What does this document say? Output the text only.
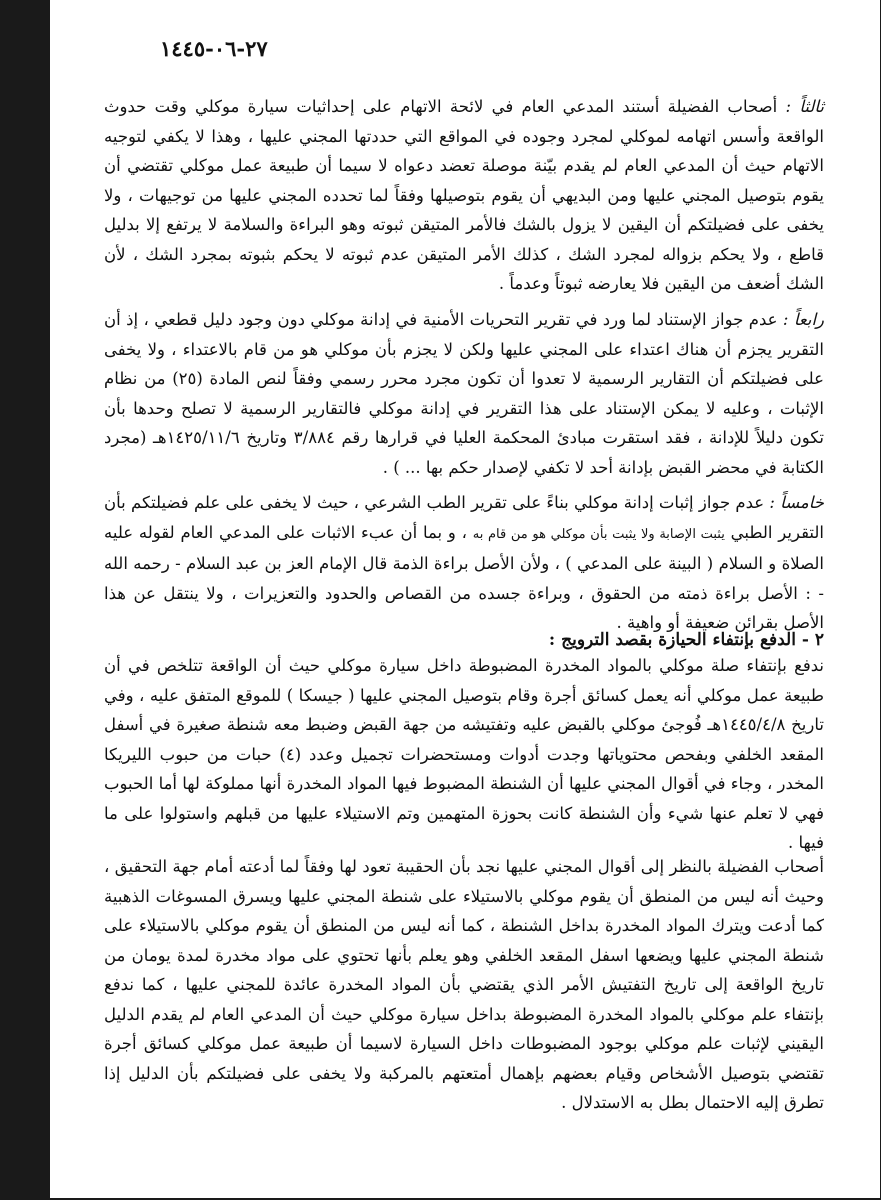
٢٧-٠٦-١٤٤٥

ثالثاً : أصحاب الفضيلة أستند المدعي العام في لائحة الاتهام على إحداثيات سيارة موكلي وقت حدوث الواقعة وأسس اتهامه لموكلي لمجرد وجوده في المواقع التي حددتها المجني عليها ، وهذا لا يكفي لتوجيه الاتهام حيث أن المدعي العام لم يقدم بيّنة موصلة تعضد دعواه لا سيما أن طبيعة عمل موكلي تقتضي أن يقوم بتوصيل المجني عليها ومن البديهي أن يقوم بتوصيلها وفقاً لما تحدده المجني عليها من توجيهات ، ولا يخفى على فضيلتكم أن اليقين لا يزول بالشك فالأمر المتيقن ثبوته وهو البراءة والسلامة لا يرتفع إلا بدليل قاطع ، ولا يحكم بزواله لمجرد الشك ، كذلك الأمر المتيقن عدم ثبوته لا يحكم بثبوته بمجرد الشك ، لأن الشك أضعف من اليقين فلا يعارضه ثبوتاً وعدماً .

رابعاً : عدم جواز الإستناد لما ورد في تقرير التحريات الأمنية في إدانة موكلي دون وجود دليل قطعي ، إذ أن التقرير يجزم أن هناك اعتداء على المجني عليها ولكن لا يجزم بأن موكلي هو من قام بالاعتداء ، ولا يخفى على فضيلتكم أن التقارير الرسمية لا تعدوا أن تكون مجرد محرر رسمي وفقاً لنص المادة (٢٥) من نظام الإثبات ، وعليه لا يمكن الإستناد على هذا التقرير في إدانة موكلي فالتقارير الرسمية لا تصلح وحدها بأن تكون دليلاً للإدانة ، فقد استقرت مبادئ المحكمة العليا في قرارها رقم ٣/٨٨٤ وتاريخ ١٤٢٥/١١/٦هـ (مجرد الكتابة في محضر القبض بإدانة أحد لا تكفي لإصدار حكم بها ... ) .

خامساً : عدم جواز إثبات إدانة موكلي بناءً على تقرير الطب الشرعي ، حيث لا يخفى على علم فضيلتكم بأن التقرير الطبي يثبت الإصابة ولا يثبت بأن موكلي هو من قام به ، و بما أن عبء الاثبات على المدعي العام لقوله عليه الصلاة و السلام ( البينة على المدعي ) ، ولأن الأصل براءة الذمة قال الإمام العز بن عبد السلام - رحمه الله - : الأصل براءة ذمته من الحقوق ، وبراءة جسده من القصاص والحدود والتعزيرات ، ولا ينتقل عن هذا الأصل بقرائن ضعيفة أو واهية .

٢ - الدفع بإنتفاء الحيازة بقصد الترويج :

ندفع بإنتفاء صلة موكلي بالمواد المخدرة المضبوطة داخل سيارة موكلي حيث أن الواقعة تتلخص في أن طبيعة عمل موكلي أنه يعمل كسائق أجرة وقام بتوصيل المجني عليها ( جيسكا ) للموقع المتفق عليه ، وفي تاريخ ١٤٤٥/٤/٨هـ فُوجئ موكلي بالقبض عليه وتفتيشه من جهة القبض وضبط معه شنطة صغيرة في أسفل المقعد الخلفي وبفحص محتوياتها وجدت أدوات ومستحضرات تجميل وعدد (٤) حبات من حبوب الليريكا المخدر ، وجاء في أقوال المجني عليها أن الشنطة المضبوط فيها المواد المخدرة أنها مملوكة لها أما الحبوب فهي لا تعلم عنها شيء وأن الشنطة كانت بحوزة المتهمين وتم الاستيلاء عليها من قبلهم واستولوا على ما فيها .

أصحاب الفضيلة بالنظر إلى أقوال المجني عليها نجد بأن الحقيبة تعود لها وفقاً لما أدعته أمام جهة التحقيق ، وحيث أنه ليس من المنطق أن يقوم موكلي بالاستيلاء على شنطة المجني عليها ويسرق المسوغات الذهبية كما أدعت ويترك المواد المخدرة بداخل الشنطة ، كما أنه ليس من المنطق أن يقوم موكلي بالاستيلاء على شنطة المجني عليها ويضعها اسفل المقعد الخلفي وهو يعلم بأنها تحتوي على مواد مخدرة لمدة يومان من تاريخ الواقعة إلى تاريخ التفتيش الأمر الذي يقتضي بأن المواد المخدرة عائدة للمجني عليها ، كما ندفع بإنتفاء علم موكلي بالمواد المخدرة المضبوطة بداخل سيارة موكلي حيث أن المدعي العام لم يقدم الدليل اليقيني لإثبات علم موكلي بوجود المضبوطات داخل السيارة لاسيما أن طبيعة عمل موكلي كسائق أجرة تقتضي بتوصيل الأشخاص وقيام بعضهم بإهمال أمتعتهم بالمركبة ولا يخفى على فضيلتكم بأن الدليل إذا تطرق إليه الاحتمال بطل به الاستدلال .
